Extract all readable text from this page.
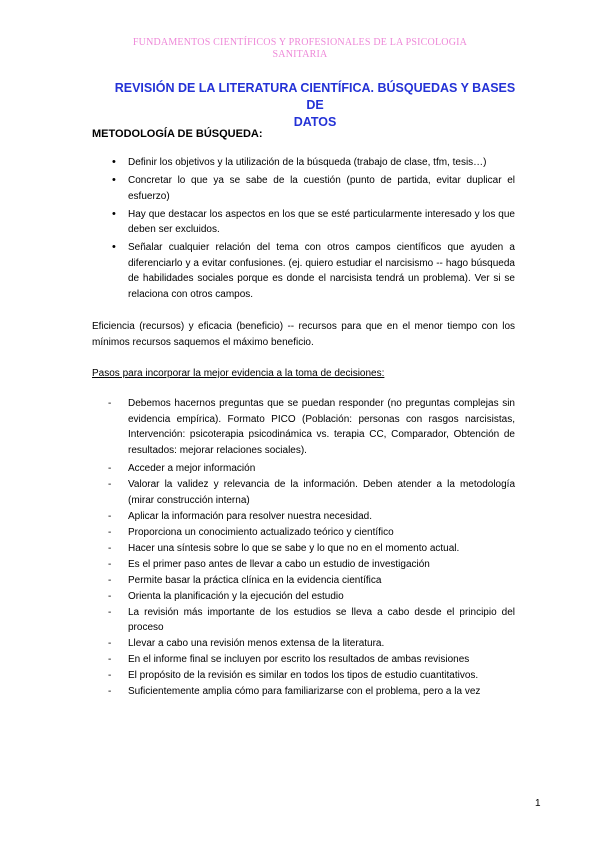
FUNDAMENTOS CIENTÍFICOS Y PROFESIONALES DE LA PSICOLOGIA
SANITARIA
REVISIÓN DE LA LITERATURA CIENTÍFICA. BÚSQUEDAS Y BASES DE
DATOS
METODOLOGÍA DE BÚSQUEDA:
• Definir los objetivos y la utilización de la búsqueda (trabajo de clase, tfm, tesis…)
• Concretar lo que ya se sabe de la cuestión (punto de partida, evitar duplicar el esfuerzo)
• Hay que destacar los aspectos en los que se esté particularmente interesado y los que deben ser excluidos.
• Señalar cualquier relación del tema con otros campos científicos que ayuden a diferenciarlo y a evitar confusiones. (ej. quiero estudiar el narcisismo -- hago búsqueda de habilidades sociales porque es donde el narcisista tendrá un problema). Ver si se relaciona con otros campos.
Eficiencia (recursos) y eficacia (beneficio) -- recursos para que en el menor tiempo con los mínimos recursos saquemos el máximo beneficio.
Pasos para incorporar la mejor evidencia a la toma de decisiones:
- Debemos hacernos preguntas que se puedan responder (no preguntas complejas sin evidencia empírica). Formato PICO (Población: personas con rasgos narcisistas, Intervención: psicoterapia psicodinámica vs. terapia CC, Comparador, Obtención de resultados: mejorar relaciones sociales).
- Acceder a mejor información
- Valorar la validez y relevancia de la información. Deben atender a la metodología (mirar construcción interna)
- Aplicar la información para resolver nuestra necesidad.
- Proporciona un conocimiento actualizado teórico y científico
- Hacer una síntesis sobre lo que se sabe y lo que no en el momento actual.
- Es el primer paso antes de llevar a cabo un estudio de investigación
- Permite basar la práctica clínica en la evidencia científica
- Orienta la planificación y la ejecución del estudio
- La revisión más importante de los estudios se lleva a cabo desde el principio del proceso
- Llevar a cabo una revisión menos extensa de la literatura.
- En el informe final se incluyen por escrito los resultados de ambas revisiones
- El propósito de la revisión es similar en todos los tipos de estudio cuantitativos.
- Suficientemente amplia cómo para familiarizarse con el problema, pero a la vez
1
